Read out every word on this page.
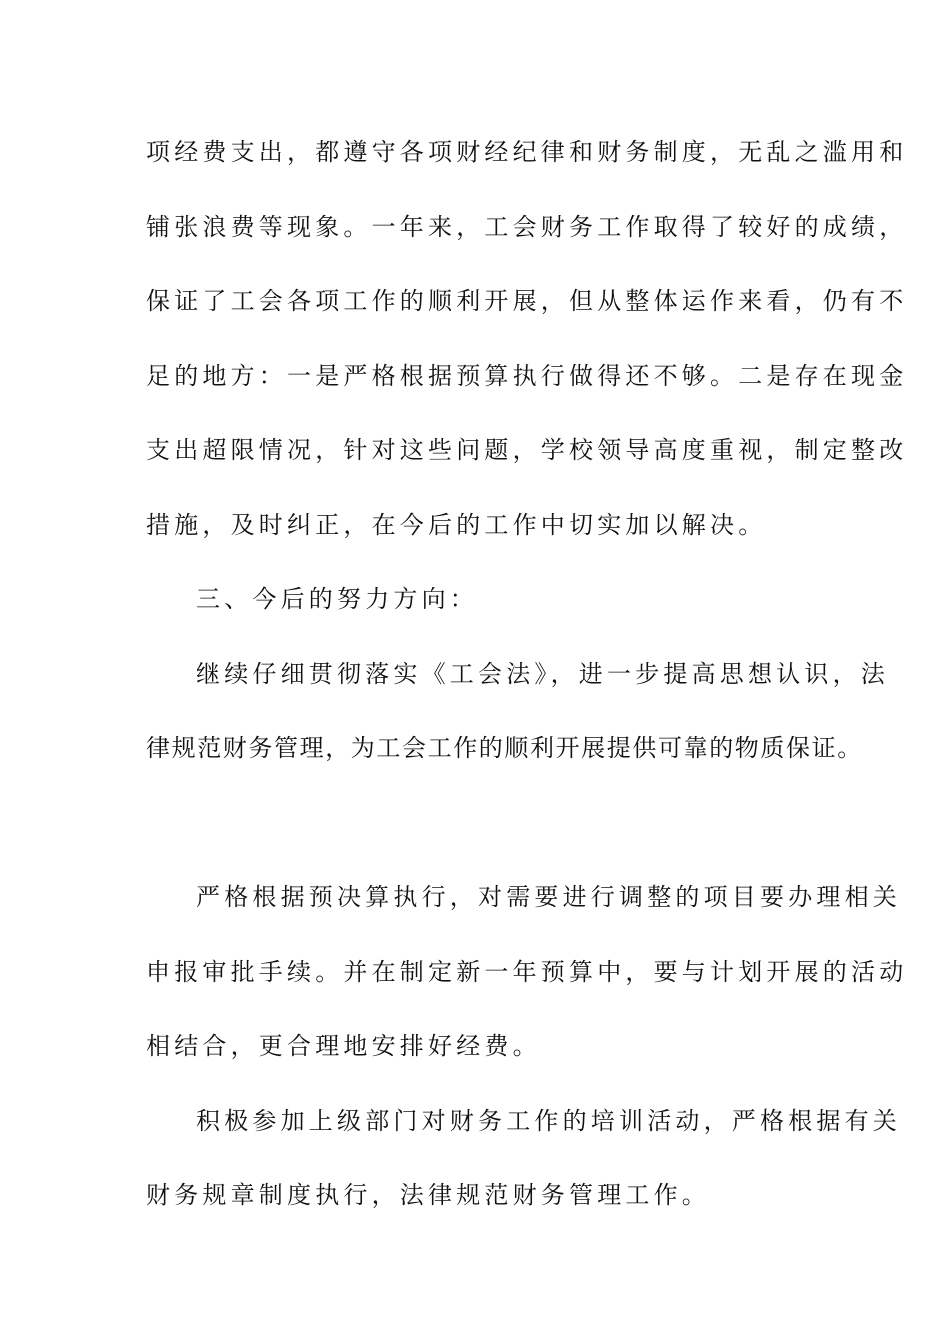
项经费支出，都遵守各项财经纪律和财务制度，无乱之滥用和
铺张浪费等现象。一年来，工会财务工作取得了较好的成绩，
保证了工会各项工作的顺利开展，但从整体运作来看，仍有不
足的地方：一是严格根据预算执行做得还不够。二是存在现金
支出超限情况，针对这些问题，学校领导高度重视，制定整改
措施，及时纠正，在今后的工作中切实加以解决。
三、今后的努力方向：
继续仔细贯彻落实《工会法》，进一步提高思想认识，法
律规范财务管理，为工会工作的顺利开展提供可靠的物质保证。
严格根据预决算执行，对需要进行调整的项目要办理相关
申报审批手续。并在制定新一年预算中，要与计划开展的活动
相结合，更合理地安排好经费。
积极参加上级部门对财务工作的培训活动，严格根据有关
财务规章制度执行，法律规范财务管理工作。
